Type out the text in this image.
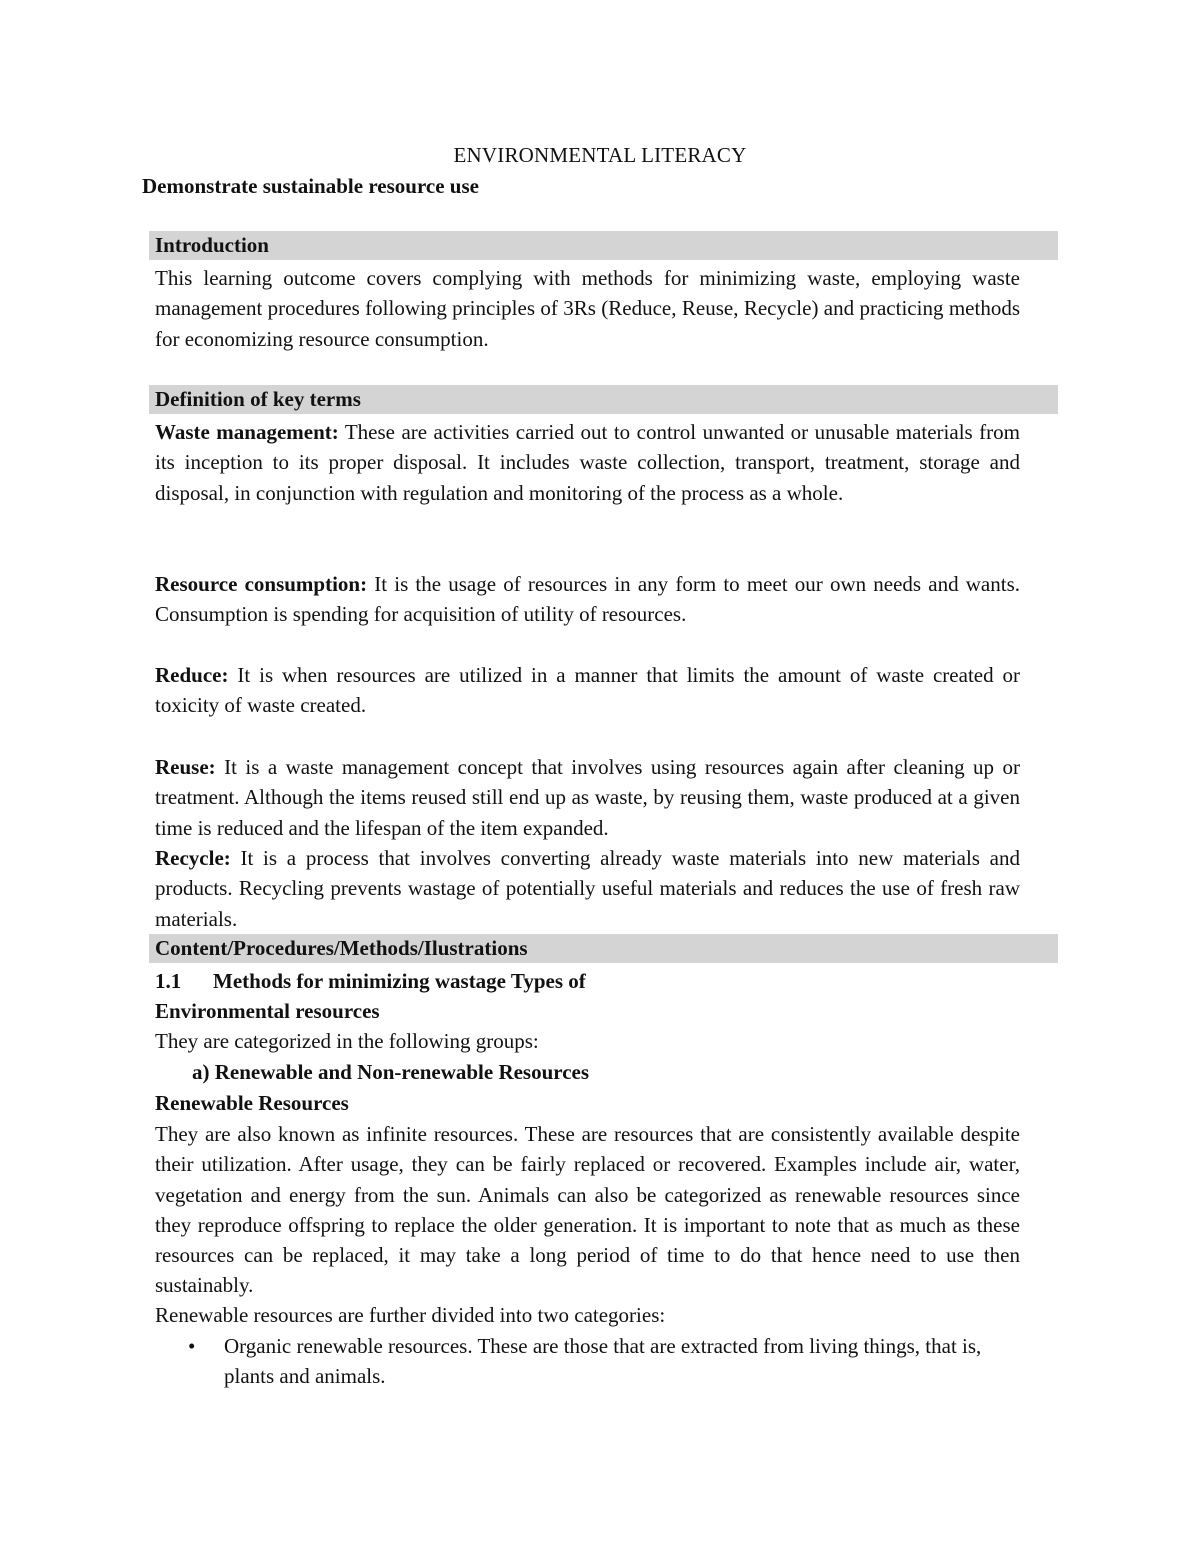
ENVIRONMENTAL LITERACY
Demonstrate sustainable resource use
Introduction
This learning outcome covers complying with methods for minimizing waste, employing waste management procedures following principles of 3Rs (Reduce, Reuse, Recycle) and practicing methods for economizing resource consumption.
Definition of key terms
Waste management: These are activities carried out to control unwanted or unusable materials from its inception to its proper disposal. It includes waste collection, transport, treatment, storage and disposal, in conjunction with regulation and monitoring of the process as a whole.
Resource consumption: It is the usage of resources in any form to meet our own needs and wants. Consumption is spending for acquisition of utility of resources.
Reduce: It is when resources are utilized in a manner that limits the amount of waste created or toxicity of waste created.
Reuse: It is a waste management concept that involves using resources again after cleaning up or treatment. Although the items reused still end up as waste, by reusing them, waste produced at a given time is reduced and the lifespan of the item expanded.
Recycle: It is a process that involves converting already waste materials into new materials and products. Recycling prevents wastage of potentially useful materials and reduces the use of fresh raw materials.
Content/Procedures/Methods/Ilustrations
1.1 Methods for minimizing wastage Types of
Environmental resources
They are categorized in the following groups:
a) Renewable and Non-renewable Resources
Renewable Resources
They are also known as infinite resources. These are resources that are consistently available despite their utilization. After usage, they can be fairly replaced or recovered. Examples include air, water, vegetation and energy from the sun. Animals can also be categorized as renewable resources since they reproduce offspring to replace the older generation. It is important to note that as much as these resources can be replaced, it may take a long period of time to do that hence need to use then sustainably.
Renewable resources are further divided into two categories:
• Organic renewable resources. These are those that are extracted from living things, that is, plants and animals.
